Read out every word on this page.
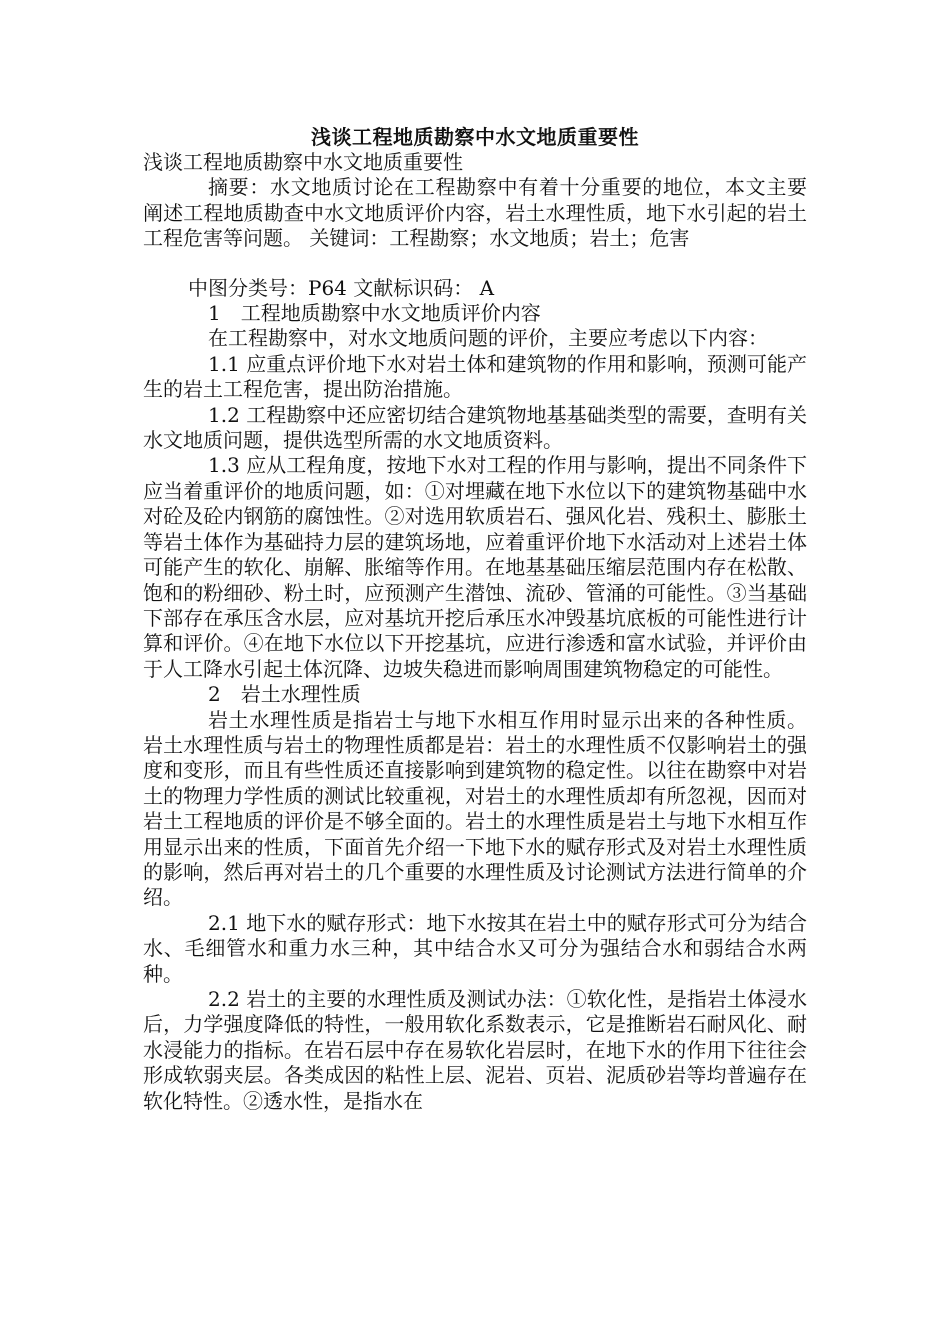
浅谈工程地质勘察中水文地质重要性

浅谈工程地质勘察中水文地质重要性

摘要：水文地质讨论在工程勘察中有着十分重要的地位，本文主要阐述工程地质勘查中水文地质评价内容，岩土水理性质，地下水引起的岩土工程危害等问题。 关键词：工程勘察；水文地质；岩土；危害

中图分类号：P64 文献标识码： A

1　工程地质勘察中水文地质评价内容

在工程勘察中，对水文地质问题的评价，主要应考虑以下内容：

1.1 应重点评价地下水对岩土体和建筑物的作用和影响，预测可能产生的岩土工程危害，提出防治措施。

1.2 工程勘察中还应密切结合建筑物地基基础类型的需要，查明有关水文地质问题，提供选型所需的水文地质资料。

1.3 应从工程角度，按地下水对工程的作用与影响，提出不同条件下应当着重评价的地质问题，如：①对埋藏在地下水位以下的建筑物基础中水对砼及砼内钢筋的腐蚀性。②对选用软质岩石、强风化岩、残积土、膨胀土等岩土体作为基础持力层的建筑场地，应着重评价地下水活动对上述岩土体可能产生的软化、崩解、胀缩等作用。在地基基础压缩层范围内存在松散、饱和的粉细砂、粉土时，应预测产生潜蚀、流砂、管涌的可能性。③当基础下部存在承压含水层，应对基坑开挖后承压水冲毁基坑底板的可能性进行计算和评价。④在地下水位以下开挖基坑，应进行渗透和富水试验，并评价由于人工降水引起土体沉降、边坡失稳进而影响周围建筑物稳定的可能性。

2　岩土水理性质

岩土水理性质是指岩士与地下水相互作用时显示出来的各种性质。岩土水理性质与岩土的物理性质都是岩：岩土的水理性质不仅影响岩土的强度和变形，而且有些性质还直接影响到建筑物的稳定性。以往在勘察中对岩土的物理力学性质的测试比较重视，对岩土的水理性质却有所忽视，因而对岩土工程地质的评价是不够全面的。岩土的水理性质是岩土与地下水相互作用显示出来的性质，下面首先介绍一下地下水的赋存形式及对岩土水理性质的影响，然后再对岩土的几个重要的水理性质及讨论测试方法进行简单的介绍。

2.1 地下水的赋存形式：地下水按其在岩土中的赋存形式可分为结合水、毛细管水和重力水三种，其中结合水又可分为强结合水和弱结合水两种。

2.2 岩土的主要的水理性质及测试办法：①软化性，是指岩土体浸水后，力学强度降低的特性，一般用软化系数表示，它是推断岩石耐风化、耐水浸能力的指标。在岩石层中存在易软化岩层时，在地下水的作用下往往会形成软弱夹层。各类成因的粘性上层、泥岩、页岩、泥质砂岩等均普遍存在软化特性。②透水性，是指水在
